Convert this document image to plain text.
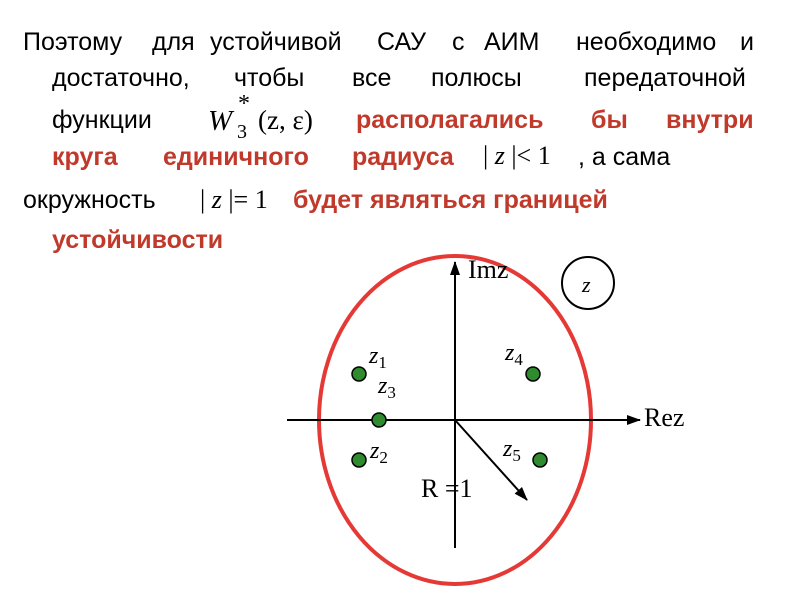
Поэтому для устойчивой САУ с АИМ необходимо и
достаточно, чтобы все полюсы передаточной
функции	располагались бы внутри
W
*
3 (z, ε)
круга единичного радиуса	, а сама
| z |< 1
окружность	будет являться границей
| z |= 1
устойчивости
Imz
Rez
R =1
z
$z_1$
$z_3$
$z_2$
$z_4$
$z_5$
